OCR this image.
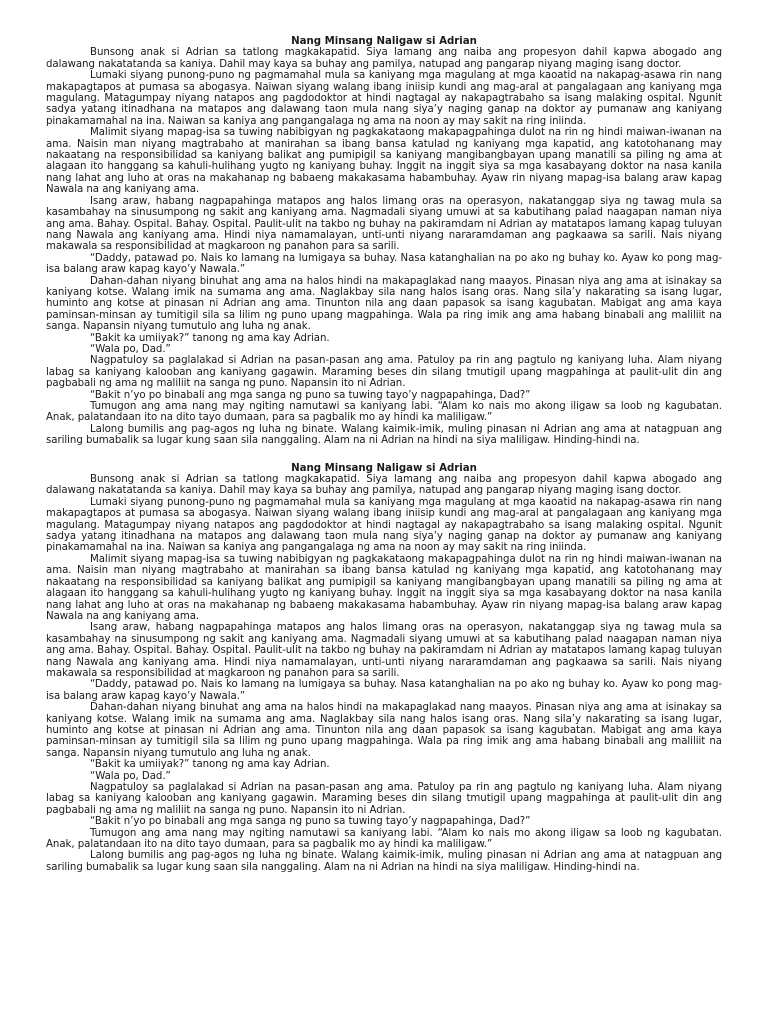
Nang Minsang Naligaw si Adrian

Bunsong anak si Adrian sa tatlong magkakapatid. Siya lamang ang naiba ang propesyon dahil kapwa abogado ang dalawang nakatatanda sa kaniya. Dahil may kaya sa buhay ang pamilya, natupad ang pangarap niyang maging isang doctor.

Lumaki siyang punong-puno ng pagmamahal mula sa kaniyang mga magulang at mga kaoatid na nakapag-asawa rin nang makapagtapos at pumasa sa abogasya. Naiwan siyang walang ibang iniisip kundi ang mag-aral at pangalagaan ang kaniyang mga magulang. Matagumpay niyang natapos ang pagdodoktor at hindi nagtagal ay nakapagtrabaho sa isang malaking ospital. Ngunit sadya yatang itinadhana na matapos ang dalawang taon mula nang siya’y naging ganap na doktor ay pumanaw ang kaniyang pinakamamahal na ina. Naiwan sa kaniya ang pangangalaga ng ama na noon ay may sakit na ring iniinda.

Malimit siyang mapag-isa sa tuwing nabibigyan ng pagkakataong makapagpahinga dulot na rin ng hindi maiwan-iwanan na ama. Naisin man niyang magtrabaho at manirahan sa ibang bansa katulad ng kaniyang mga kapatid, ang katotohanang may nakaatang na responsibilidad sa kaniyang balikat ang pumipigil sa kaniyang mangibangbayan upang manatili sa piling ng ama at alagaan ito hanggang sa kahuli-hulihang yugto ng kaniyang buhay. Inggit na inggit siya sa mga kasabayang doktor na nasa kanila nang lahat ang luho at oras na makahanap ng babaeng makakasama habambuhay. Ayaw rin niyang mapag-isa balang araw kapag Nawala na ang kaniyang ama.

Isang araw, habang nagpapahinga matapos ang halos limang oras na operasyon, nakatanggap siya ng tawag mula sa kasambahay na sinusumpong ng sakit ang kaniyang ama. Nagmadali siyang umuwi at sa kabutihang palad naagapan naman niya ang ama. Bahay. Ospital. Bahay. Ospital. Paulit-ulit na takbo ng buhay na pakiramdam ni Adrian ay matatapos lamang kapag tuluyan nang Nawala ang kaniyang ama. Hindi niya namamalayan, unti-unti niyang nararamdaman ang pagkaawa sa sarili. Nais niyang makawala sa responsibilidad at magkaroon ng panahon para sa sarili.

“Daddy, patawad po. Nais ko lamang na lumigaya sa buhay. Nasa katanghalian na po ako ng buhay ko. Ayaw ko pong mag-isa balang araw kapag kayo’y Nawala.”

Dahan-dahan niyang binuhat ang ama na halos hindi na makapaglakad nang maayos. Pinasan niya ang ama at isinakay sa kaniyang kotse. Walang imik na sumama ang ama. Naglakbay sila nang halos isang oras. Nang sila’y nakarating sa isang lugar, huminto ang kotse at pinasan ni Adrian ang ama. Tinunton nila ang daan papasok sa isang kagubatan. Mabigat ang ama kaya paminsan-minsan ay tumitigil sila sa lilim ng puno upang magpahinga. Wala pa ring imik ang ama habang binabali ang maliliit na sanga. Napansin niyang tumutulo ang luha ng anak.

“Bakit ka umiiyak?” tanong ng ama kay Adrian.

“Wala po, Dad.”

Nagpatuloy sa paglalakad si Adrian na pasan-pasan ang ama. Patuloy pa rin ang pagtulo ng kaniyang luha. Alam niyang labag sa kaniyang kalooban ang kaniyang gagawin. Maraming beses din silang tmutigil upang magpahinga at paulit-ulit din ang pagbabali ng ama ng maliliit na sanga ng puno. Napansin ito ni Adrian.

“Bakit n’yo po binabali ang mga sanga ng puno sa tuwing tayo’y nagpapahinga, Dad?”

Tumugon ang ama nang may ngiting namutawi sa kaniyang labi. “Alam ko nais mo akong iligaw sa loob ng kagubatan. Anak, palatandaan ito na dito tayo dumaan, para sa pagbalik mo ay hindi ka maliligaw.”

Lalong bumilis ang pag-agos ng luha ng binate. Walang kaimik-imik, muling pinasan ni Adrian ang ama at natagpuan ang sariling bumabalik sa lugar kung saan sila nanggaling. Alam na ni Adrian na hindi na siya maliligaw. Hinding-hindi na.

Nang Minsang Naligaw si Adrian

Bunsong anak si Adrian sa tatlong magkakapatid. Siya lamang ang naiba ang propesyon dahil kapwa abogado ang dalawang nakatatanda sa kaniya. Dahil may kaya sa buhay ang pamilya, natupad ang pangarap niyang maging isang doctor.

Lumaki siyang punong-puno ng pagmamahal mula sa kaniyang mga magulang at mga kaoatid na nakapag-asawa rin nang makapagtapos at pumasa sa abogasya. Naiwan siyang walang ibang iniisip kundi ang mag-aral at pangalagaan ang kaniyang mga magulang. Matagumpay niyang natapos ang pagdodoktor at hindi nagtagal ay nakapagtrabaho sa isang malaking ospital. Ngunit sadya yatang itinadhana na matapos ang dalawang taon mula nang siya’y naging ganap na doktor ay pumanaw ang kaniyang pinakamamahal na ina. Naiwan sa kaniya ang pangangalaga ng ama na noon ay may sakit na ring iniinda.

Malimit siyang mapag-isa sa tuwing nabibigyan ng pagkakataong makapagpahinga dulot na rin ng hindi maiwan-iwanan na ama. Naisin man niyang magtrabaho at manirahan sa ibang bansa katulad ng kaniyang mga kapatid, ang katotohanang may nakaatang na responsibilidad sa kaniyang balikat ang pumipigil sa kaniyang mangibangbayan upang manatili sa piling ng ama at alagaan ito hanggang sa kahuli-hulihang yugto ng kaniyang buhay. Inggit na inggit siya sa mga kasabayang doktor na nasa kanila nang lahat ang luho at oras na makahanap ng babaeng makakasama habambuhay. Ayaw rin niyang mapag-isa balang araw kapag Nawala na ang kaniyang ama.

Isang araw, habang nagpapahinga matapos ang halos limang oras na operasyon, nakatanggap siya ng tawag mula sa kasambahay na sinusumpong ng sakit ang kaniyang ama. Nagmadali siyang umuwi at sa kabutihang palad naagapan naman niya ang ama. Bahay. Ospital. Bahay. Ospital. Paulit-ulit na takbo ng buhay na pakiramdam ni Adrian ay matatapos lamang kapag tuluyan nang Nawala ang kaniyang ama. Hindi niya namamalayan, unti-unti niyang nararamdaman ang pagkaawa sa sarili. Nais niyang makawala sa responsibilidad at magkaroon ng panahon para sa sarili.

“Daddy, patawad po. Nais ko lamang na lumigaya sa buhay. Nasa katanghalian na po ako ng buhay ko. Ayaw ko pong mag-isa balang araw kapag kayo’y Nawala.”

Dahan-dahan niyang binuhat ang ama na halos hindi na makapaglakad nang maayos. Pinasan niya ang ama at isinakay sa kaniyang kotse. Walang imik na sumama ang ama. Naglakbay sila nang halos isang oras. Nang sila’y nakarating sa isang lugar, huminto ang kotse at pinasan ni Adrian ang ama. Tinunton nila ang daan papasok sa isang kagubatan. Mabigat ang ama kaya paminsan-minsan ay tumitigil sila sa lilim ng puno upang magpahinga. Wala pa ring imik ang ama habang binabali ang maliliit na sanga. Napansin niyang tumutulo ang luha ng anak.

“Bakit ka umiiyak?” tanong ng ama kay Adrian.

“Wala po, Dad.”

Nagpatuloy sa paglalakad si Adrian na pasan-pasan ang ama. Patuloy pa rin ang pagtulo ng kaniyang luha. Alam niyang labag sa kaniyang kalooban ang kaniyang gagawin. Maraming beses din silang tmutigil upang magpahinga at paulit-ulit din ang pagbabali ng ama ng maliliit na sanga ng puno. Napansin ito ni Adrian.

“Bakit n’yo po binabali ang mga sanga ng puno sa tuwing tayo’y nagpapahinga, Dad?”

Tumugon ang ama nang may ngiting namutawi sa kaniyang labi. “Alam ko nais mo akong iligaw sa loob ng kagubatan. Anak, palatandaan ito na dito tayo dumaan, para sa pagbalik mo ay hindi ka maliligaw.”

Lalong bumilis ang pag-agos ng luha ng binate. Walang kaimik-imik, muling pinasan ni Adrian ang ama at natagpuan ang sariling bumabalik sa lugar kung saan sila nanggaling. Alam na ni Adrian na hindi na siya maliligaw. Hinding-hindi na.
